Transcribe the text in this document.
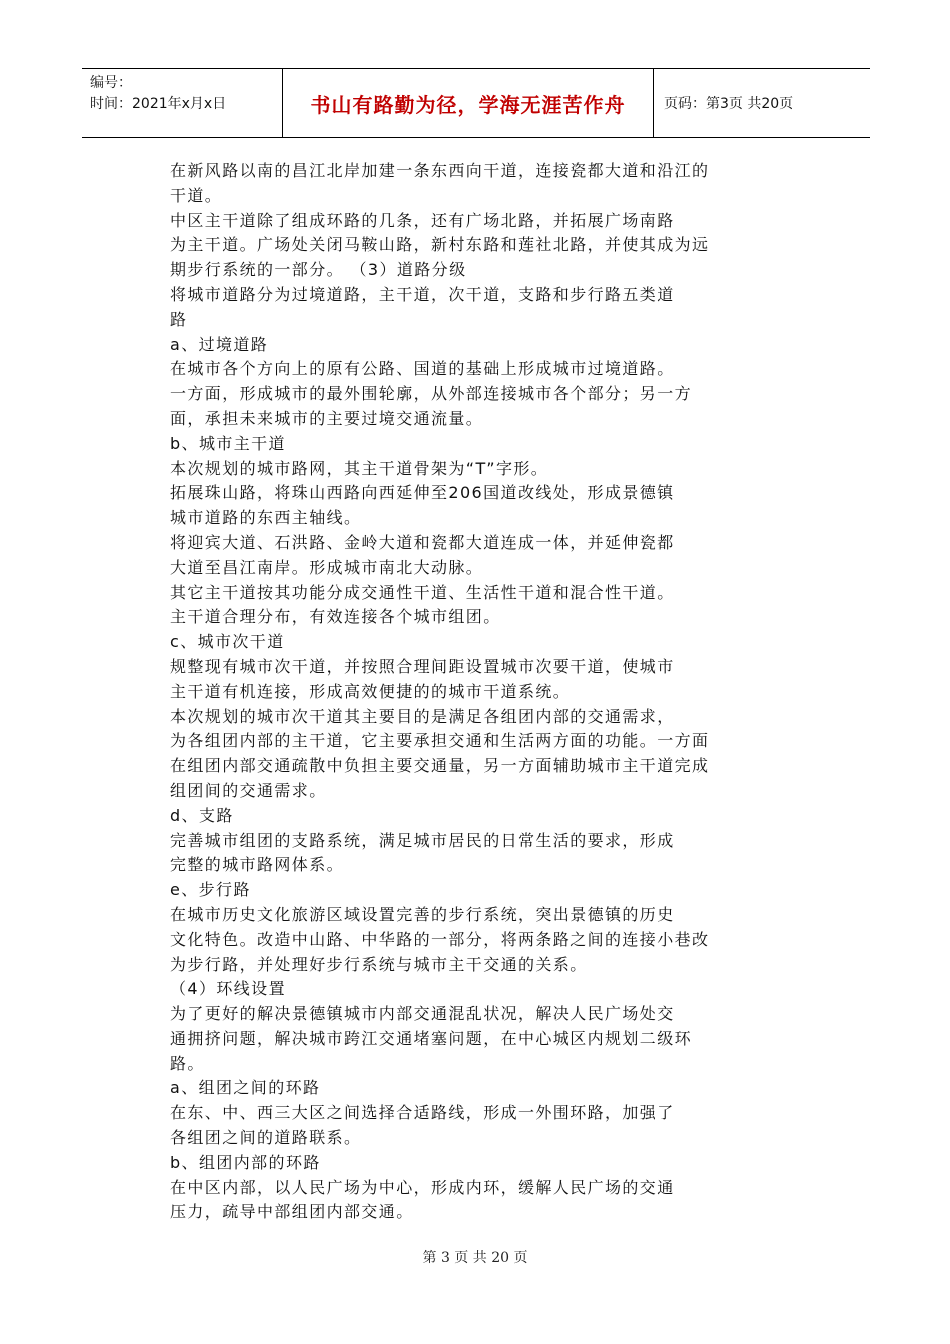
编号：
时间：2021年x月x日	书山有路勤为径，学海无涯苦作舟	页码：第3页 共20页

在新风路以南的昌江北岸加建一条东西向干道，连接瓷都大道和沿江的

干道。

中区主干道除了组成环路的几条，还有广场北路，并拓展广场南路

为主干道。广场处关闭马鞍山路，新村东路和莲社北路，并使其成为远

期步行系统的一部分。 （3）道路分级

将城市道路分为过境道路，主干道，次干道，支路和步行路五类道

路

a、过境道路

在城市各个方向上的原有公路、国道的基础上形成城市过境道路。

一方面，形成城市的最外围轮廓，从外部连接城市各个部分；另一方

面，承担未来城市的主要过境交通流量。

b、城市主干道

本次规划的城市路网，其主干道骨架为“T”字形。

拓展珠山路，将珠山西路向西延伸至206国道改线处，形成景德镇

城市道路的东西主轴线。

将迎宾大道、石洪路、金岭大道和瓷都大道连成一体，并延伸瓷都

大道至昌江南岸。形成城市南北大动脉。

其它主干道按其功能分成交通性干道、生活性干道和混合性干道。

主干道合理分布，有效连接各个城市组团。

c、城市次干道

规整现有城市次干道，并按照合理间距设置城市次要干道，使城市

主干道有机连接，形成高效便捷的的城市干道系统。

本次规划的城市次干道其主要目的是满足各组团内部的交通需求，

为各组团内部的主干道，它主要承担交通和生活两方面的功能。一方面

在组团内部交通疏散中负担主要交通量，另一方面辅助城市主干道完成

组团间的交通需求。

d、支路

完善城市组团的支路系统，满足城市居民的日常生活的要求，形成

完整的城市路网体系。

e、步行路

在城市历史文化旅游区域设置完善的步行系统，突出景德镇的历史

文化特色。改造中山路、中华路的一部分，将两条路之间的连接小巷改

为步行路，并处理好步行系统与城市主干交通的关系。

（4）环线设置

为了更好的解决景德镇城市内部交通混乱状况，解决人民广场处交

通拥挤问题，解决城市跨江交通堵塞问题，在中心城区内规划二级环

路。

a、组团之间的环路

在东、中、西三大区之间选择合适路线，形成一外围环路，加强了

各组团之间的道路联系。

b、组团内部的环路

在中区内部，以人民广场为中心，形成内环，缓解人民广场的交通

压力，疏导中部组团内部交通。

第 3 页 共 20 页
